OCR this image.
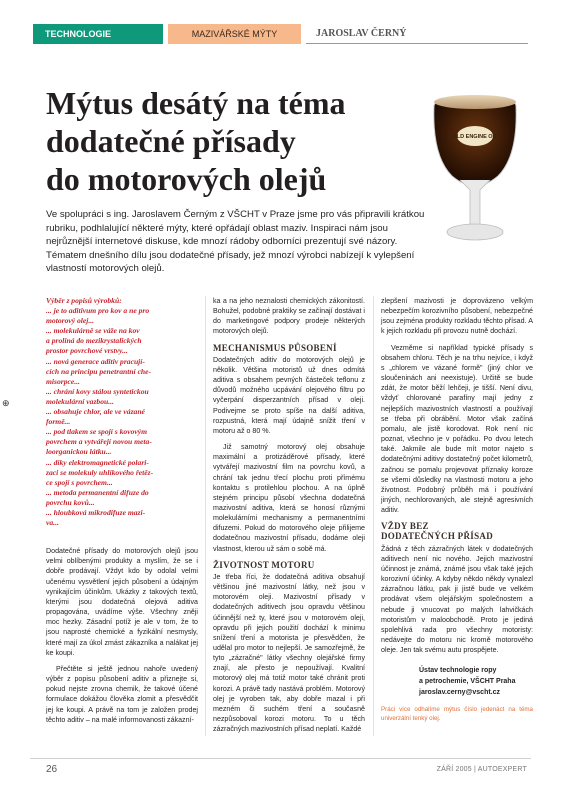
TECHNOLOGIE	MAZIVÁŘSKÉ MÝTY	JAROSLAV ČERNÝ
Mýtus desátý na téma
dodatečné přísady
do motorových olejů
OLD ENGINE OIL

Ve spolupráci s ing. Jaroslavem Černým z VŠCHT v Praze jsme pro vás připravili krátkou rubriku, podhlalující některé mýty, které opřádají oblast maziv. Inspiraci nám jsou nejrůznější internetové diskuse, kde mnozí rádoby odborníci prezentují své názory. Tématem dnešního dílu jsou dodatečné přísady, jež mnozí výrobci nabízejí k vylepšení vlastností motorových olejů.

Výběr z popisů výrobků:
... je to aditivum pro kov a ne pro
motorový olej...
... molekulárně se váže na kov
a proliná do mezikrystalických
prostor povrchové vrstvy...
... nová generace aditiv pracují-
cích na principu penetrantní che-
misorpce...
... chrání kovy stálou syntetickou
molekulární vazbou...
... obsahuje chlor, ale ve vázané
formě...
... pod tlakem se spojí s kovovým
povrchem a vytvářejí novou meta-
loorganickou látku...
... díky elektromagnetické polari-
zaci se molekuly uhlíkového řetěz-
ce spojí s povrchem...
... metoda permanentní difuze do
povrchu kovů...
... hloubková mikrodifuze mazi-
va...

Dodatečné přísady do motorových olejů jsou velmi oblíbenými produkty a myslím, že se i dobře prodávají. Vždyt kdo by odolal velmi učenému vysvětlení jejich působení a údajným vynikajícím účinkům. Ukázky z takových textů, kterými jsou dodatečná olejová aditiva propagována, uvádíme výše. Všechny zněji moc hezky. Zásadní potíž je ale v tom, že to jsou naprosté chemické a fyzikální nesmysly, které mají za úkol zmást zákazníka a nalákat jej ke koupi.

Přečtěte si ještě jednou nahoře uvedený výběr z popisu působení aditiv a přiznejte si, pokud nejste zrovna chemik, že takové účené formulace dokážou člověka zlomit a přesvědčit jej ke koupi. A právě na tom je založen prodej těchto aditiv – na malé informovanosti zákazní-

ka a na jeho neznalosti chemických zákonitostí. Bohužel, podobné praktiky se začínají dostávat i do marketingové podpory prodeje některých motorových olejů.

MECHANISMUS PŮSOBENÍ

Dodatečných aditiv do motorových olejů je několik. Většina motoristů už dnes odmítá aditiva s obsahem pevných částeček teflonu z důvodů možného ucpávání olejového filtru po vyčerpání disperzantních přísad v oleji. Podivejme se proto spíše na další aditiva, rozpustná, která mají údajně snížit tření v motoru až o 80 %.

Již samotný motorový olej obsahuje maximální a protizáděrové přísady, které vytvářejí mazivostní film na povrchu kovů, a chrání tak jednu třecí plochu proti přímému kontaktu s protilehlou plochou. A na úplně stejném principu působí všechna dodatečná mazivostní aditiva, která se honosí různými molekulárními mechanismy a permanentními difuzemi. Pokud do motorového oleje přilijeme dodatečnou mazivostní přísadu, dodáme oleji vlastnost, kterou už sám o sobě má.

ŽIVOTNOST MOTORU

Je třeba říci, že dodatečná aditiva obsahují většinou jiné mazivostní látky, než jsou v motorovém oleji. Mazivostní přísady v dodatečných aditivech jsou opravdu většinou účinnější než ty, které jsou v motorovém oleji, opravdu při jejich použití dochází k minimu snížení tření a motorista je přesvědčen, že udělal pro motor to nejlepší. Je samozřejmě, že tyto „zázračné" látky všechny olejářské firmy znají, ale přesto je nepoužívají. Kvalitní motorový olej má totiž motor také chránit proti korozi. A právě tady nastává problém. Motorový olej je vyroben tak, aby dobře mazal i při mezném či suchém tření a současně nezpůsoboval korozi motoru. To u těch zázračných mazivostních přísad neplatí. Každé

zlepšení mazivosti je doprovázeno velkým nebezpečím korozivního působení, nebezpečné jsou zejména produkty rozkladu těchto přísad. A k jejich rozkladu při provozu nutně dochází.

Vezměme si například typické přísady s obsahem chloru. Těch je na trhu nejvíce, i když s „chlorem ve vázané formě" (jiný chlor ve sloučeninách ani neexistuje). Určitě se bude zdát, že motor běží lehčeji, je tišší. Není divu, vždyť chlorované parafíny mají jedny z nejlepších mazivostních vlastností a používají se třeba při obrábění. Motor však začíná pomalu, ale jistě korodovat. Rok není nic poznat, všechno je v pořádku. Po dvou letech také. Jakmile ale bude mít motor najeto s dodatečnými aditivy dostatečný počet kilometrů, začnou se pomalu projevovat příznaky koroze se všemi důsledky na vlastnosti motoru a jeho životnost. Podobný průběh má i používání jiných, nechlorovaných, ale stejně agresivních aditiv.

VŽDY BEZ
DODATEČNÝCH PŘÍSAD

Žádná z těch zázračných látek v dodatečných aditivech není nic nového. Jejich mazivostní účinnost je známá, známé jsou však také jejich korozivní účinky. A kdyby někdo někdy vynalezl zázračnou látku, pak ji jistě bude ve velkém prodávat všem olejářským společnostem a nebude ji vnucovat po malých lahvičkách motoristům v maloobchodě. Proto je jediná spolehlivá rada pro všechny motoristy: nedávejte do motoru nic kromě motorového oleje. Jen tak svému autu prospějete.

Ústav technologie ropy
a petrochemie, VŠCHT Praha
jaroslav.cerny@vscht.cz

Práci více odhalíme mýtus číslo jedenáct na téma univerzální tenký olej.

26	ZÁŘÍ 2005 | AUTOEXPERT
⊕
